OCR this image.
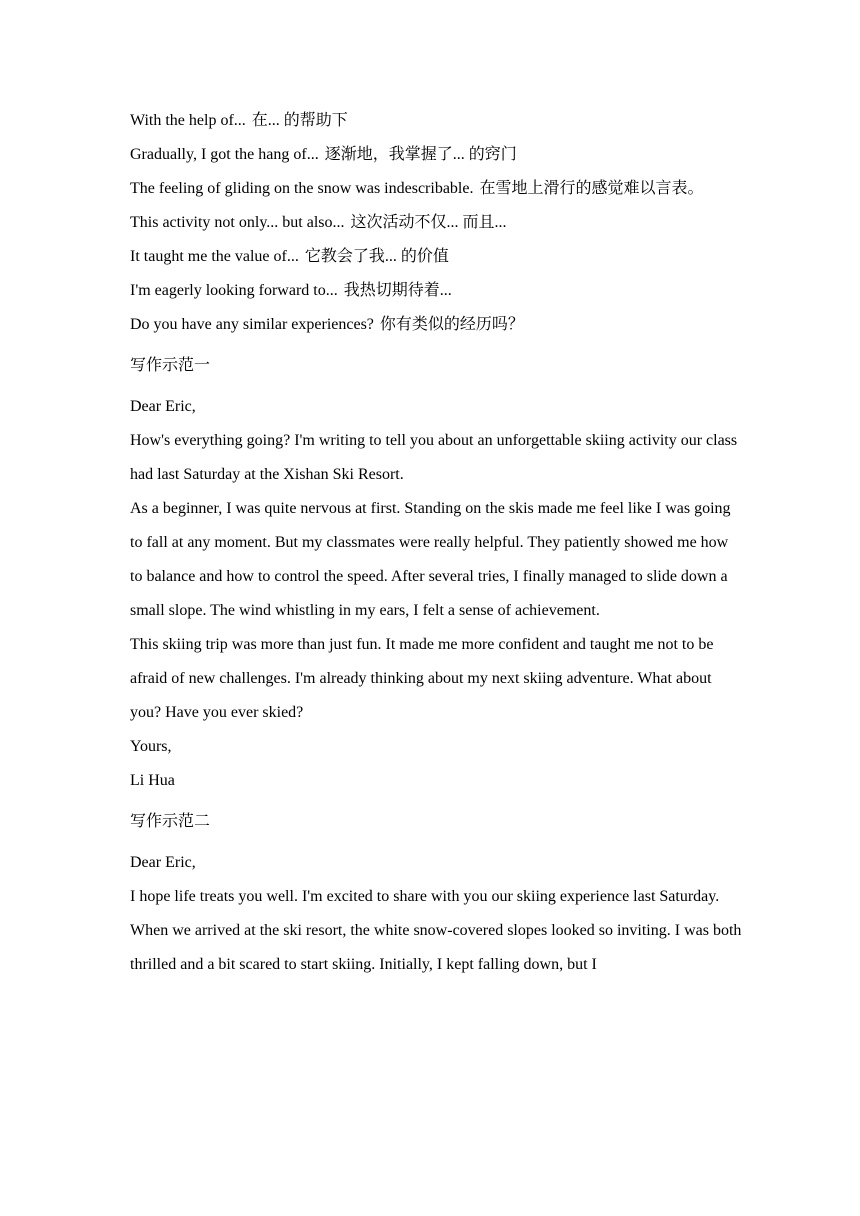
With the help of... 在... 的帮助下

Gradually, I got the hang of... 逐渐地，我掌握了... 的窍门

The feeling of gliding on the snow was indescribable. 在雪地上滑行的感觉难以言表。

This activity not only... but also... 这次活动不仅... 而且...

It taught me the value of... 它教会了我... 的价值

I'm eagerly looking forward to... 我热切期待着...

Do you have any similar experiences? 你有类似的经历吗？

写作示范一

Dear Eric,

How's everything going? I'm writing to tell you about an unforgettable skiing activity our class had last Saturday at the Xishan Ski Resort.

As a beginner, I was quite nervous at first. Standing on the skis made me feel like I was going to fall at any moment. But my classmates were really helpful. They patiently showed me how to balance and how to control the speed. After several tries, I finally managed to slide down a small slope. The wind whistling in my ears, I felt a sense of achievement.

This skiing trip was more than just fun. It made me more confident and taught me not to be afraid of new challenges. I'm already thinking about my next skiing adventure. What about you? Have you ever skied?

Yours,

Li Hua

写作示范二

Dear Eric,

I hope life treats you well. I'm excited to share with you our skiing experience last Saturday.

When we arrived at the ski resort, the white snow-covered slopes looked so inviting. I was both thrilled and a bit scared to start skiing. Initially, I kept falling down, but I
